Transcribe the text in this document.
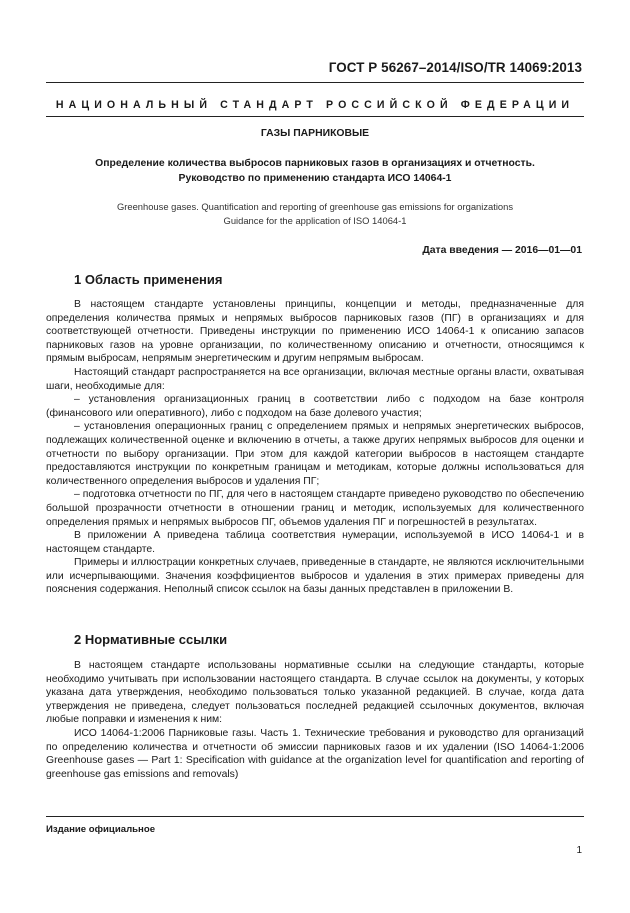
ГОСТ Р 56267–2014/ISO/TR 14069:2013
НАЦИОНАЛЬНЫЙ СТАНДАРТ РОССИЙСКОЙ ФЕДЕРАЦИИ
ГАЗЫ ПАРНИКОВЫЕ
Определение количества выбросов парниковых газов в организациях и отчетность.
Руководство по применению стандарта ИСО 14064-1
Greenhouse gases. Quantification and reporting of greenhouse gas emissions for organizations
Guidance for the application of ISO 14064-1
Дата введения — 2016—01—01
1 Область применения

В настоящем стандарте установлены принципы, концепции и методы, предназначенные для определения количества прямых и непрямых выбросов парниковых газов (ПГ) в организациях и для соответствующей отчетности. Приведены инструкции по применению ИСО 14064-1 к описанию запасов парниковых газов на уровне организации, по количественному описанию и отчетности, относящимся к прямым выбросам, непрямым энергетическим и другим непрямым выбросам.

Настоящий стандарт распространяется на все организации, включая местные органы власти, охватывая шаги, необходимые для:

– установления организационных границ в соответствии либо с подходом на базе контроля (финансового или оперативного), либо с подходом на базе долевого участия;

– установления операционных границ с определением прямых и непрямых энергетических выбросов, подлежащих количественной оценке и включению в отчеты, а также других непрямых выбросов для оценки и отчетности по выбору организации. При этом для каждой категории выбросов в настоящем стандарте предоставляются инструкции по конкретным границам и методикам, которые должны использоваться для количественного определения выбросов и удаления ПГ;

– подготовка отчетности по ПГ, для чего в настоящем стандарте приведено руководство по обеспечению большой прозрачности отчетности в отношении границ и методик, используемых для количественного определения прямых и непрямых выбросов ПГ, объемов удаления ПГ и погрешностей в результатах.

В приложении А приведена таблица соответствия нумерации, используемой в ИСО 14064-1 и в настоящем стандарте.

Примеры и иллюстрации конкретных случаев, приведенные в стандарте, не являются исключительными или исчерпывающими. Значения коэффициентов выбросов и удаления в этих примерах приведены для пояснения содержания. Неполный список ссылок на базы данных представлен в приложении В.

2 Нормативные ссылки

В настоящем стандарте использованы нормативные ссылки на следующие стандарты, которые необходимо учитывать при использовании настоящего стандарта. В случае ссылок на документы, у которых указана дата утверждения, необходимо пользоваться только указанной редакцией. В случае, когда дата утверждения не приведена, следует пользоваться последней редакцией ссылочных документов, включая любые поправки и изменения к ним:

ИСО 14064-1:2006 Парниковые газы. Часть 1. Технические требования и руководство для организаций по определению количества и отчетности об эмиссии парниковых газов и их удалении (ISO 14064-1:2006 Greenhouse gases — Part 1: Specification with guidance at the organization level for quantification and reporting of greenhouse gas emissions and removals)

Издание официальное
1
